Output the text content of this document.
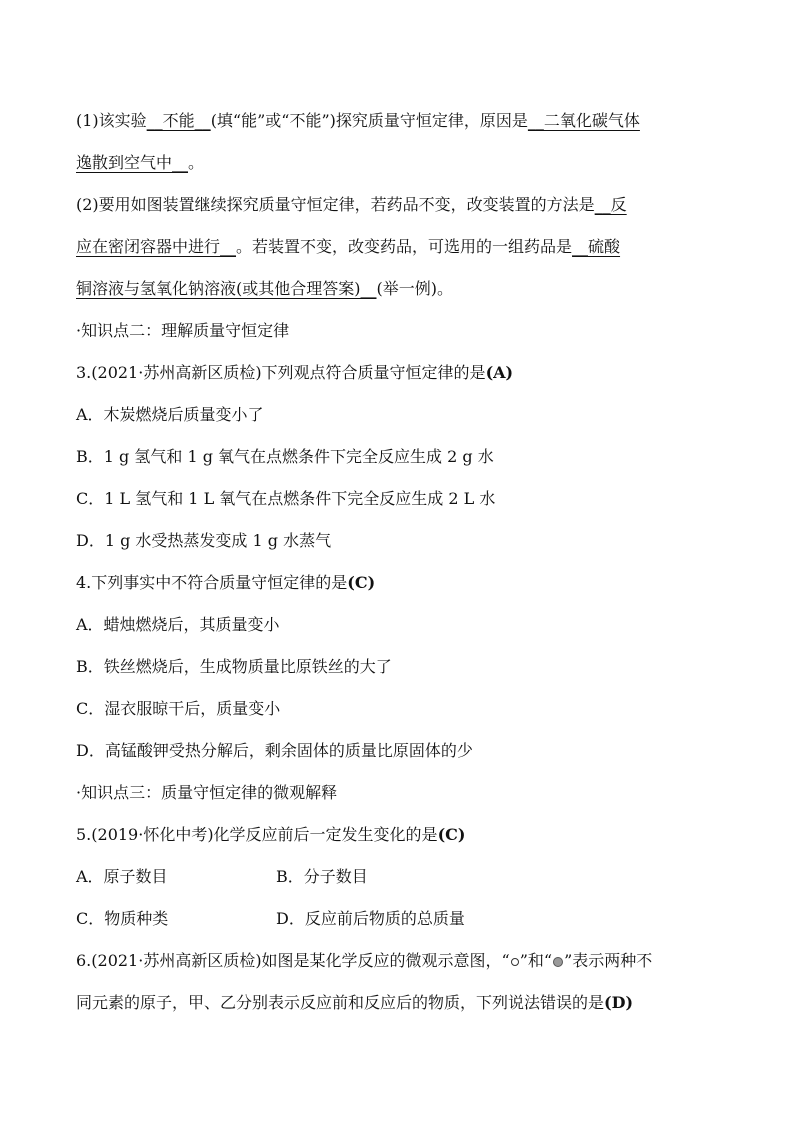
(1)该实验__不能__(填“能”或“不能”)探究质量守恒定律，原因是__二氧化碳气体
逸散到空气中__。
(2)要用如图装置继续探究质量守恒定律，若药品不变，改变装置的方法是__反
应在密闭容器中进行__。若装置不变，改变药品，可选用的一组药品是__硫酸
铜溶液与氢氧化钠溶液(或其他合理答案)__(举一例)。
·知识点二：理解质量守恒定律
3.(2021·苏州高新区质检)下列观点符合质量守恒定律的是(A)
A．木炭燃烧后质量变小了
B．1 g 氢气和 1 g 氧气在点燃条件下完全反应生成 2 g 水
C．1 L 氢气和 1 L 氧气在点燃条件下完全反应生成 2 L 水
D．1 g 水受热蒸发变成 1 g 水蒸气
4.下列事实中不符合质量守恒定律的是(C)
A．蜡烛燃烧后，其质量变小
B．铁丝燃烧后，生成物质量比原铁丝的大了
C．湿衣服晾干后，质量变小
D．高锰酸钾受热分解后，剩余固体的质量比原固体的少
·知识点三：质量守恒定律的微观解释
5.(2019·怀化中考)化学反应前后一定发生变化的是(C)
A．原子数目	B．分子数目
C．物质种类	D．反应前后物质的总质量
6.(2021·苏州高新区质检)如图是某化学反应的微观示意图，“ ”和“ ”表示两种不
同元素的原子，甲、乙分别表示反应前和反应后的物质，下列说法错误的是(D)
